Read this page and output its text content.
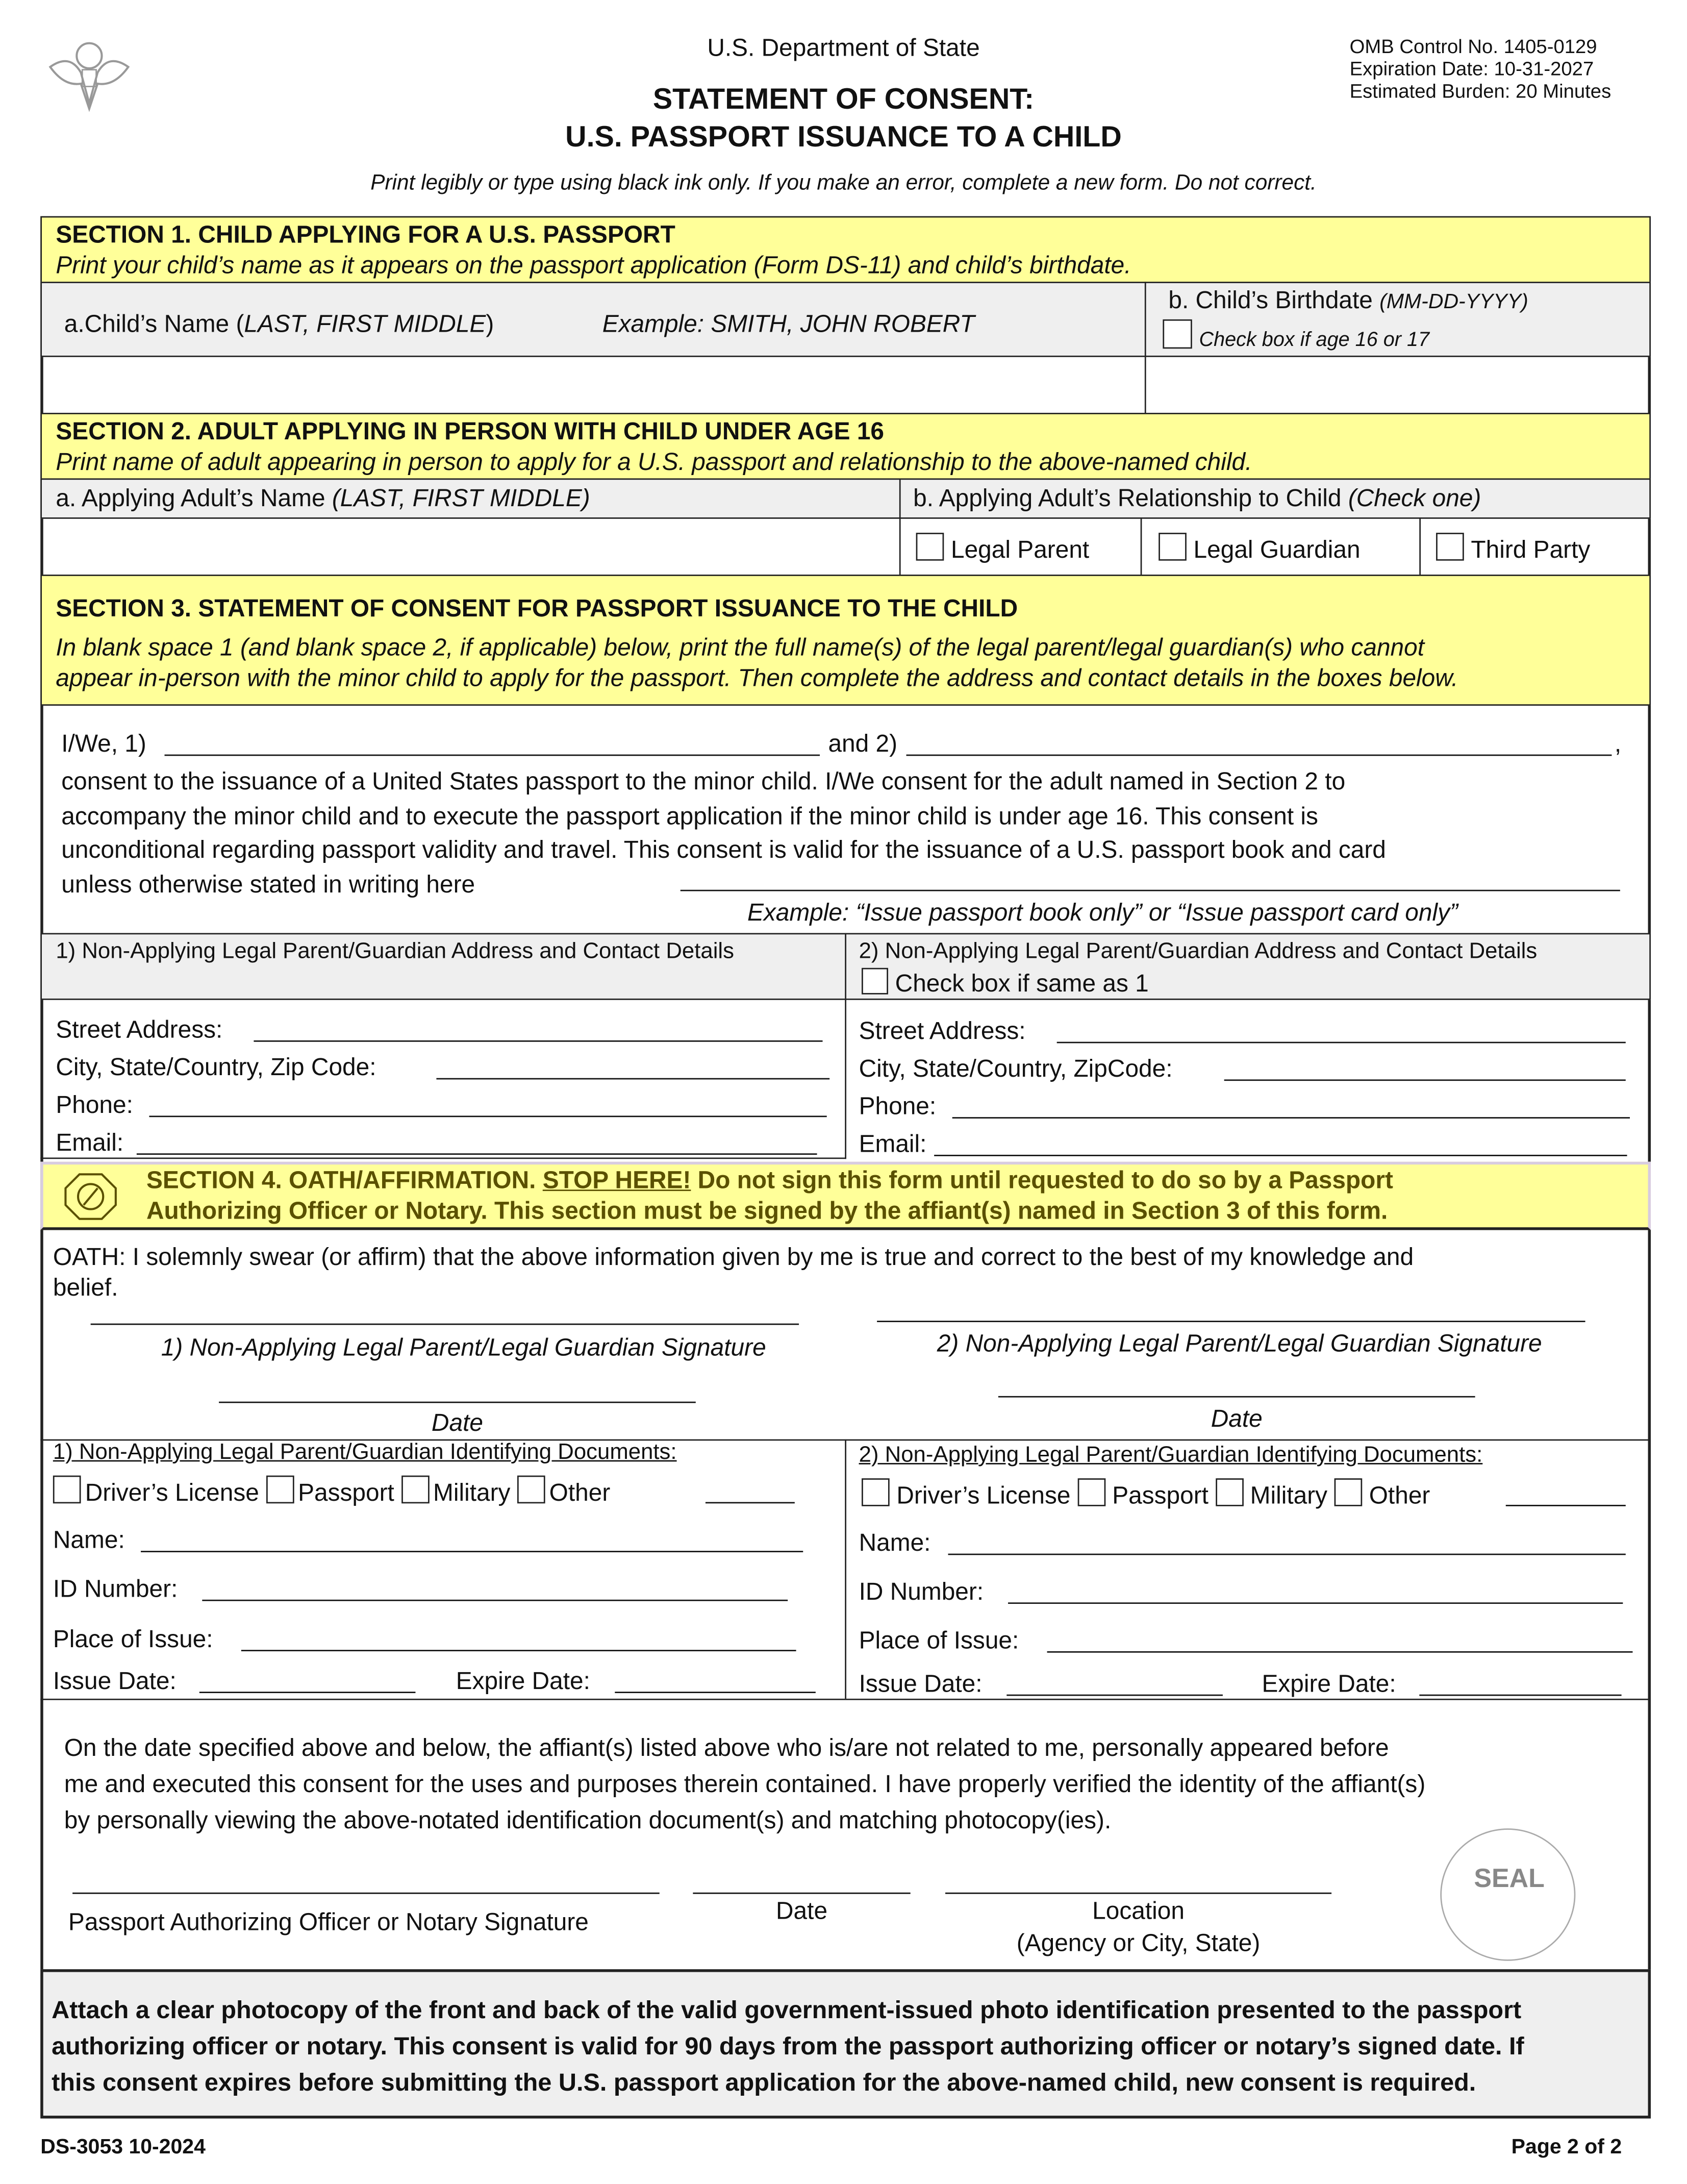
U.S. Department of State
STATEMENT OF CONSENT:
U.S. PASSPORT ISSUANCE TO A CHILD
OMB Control No. 1405-0129
Expiration Date: 10-31-2027
Estimated Burden: 20 Minutes
Print legibly or type using black ink only. If you make an error, complete a new form. Do not correct.
SECTION 1. CHILD APPLYING FOR A U.S. PASSPORT
Print your child’s name as it appears on the passport application (Form DS-11) and child’s birthdate.
a.Child’s Name (LAST, FIRST MIDDLE)	Example: SMITH, JOHN ROBERT
b. Child’s Birthdate (MM-DD-YYYY)
Check box if age 16 or 17
SECTION 2. ADULT APPLYING IN PERSON WITH CHILD UNDER AGE 16
Print name of adult appearing in person to apply for a U.S. passport and relationship to the above-named child.
a. Applying Adult’s Name (LAST, FIRST MIDDLE)	b. Applying Adult’s Relationship to Child (Check one)
Legal Parent	Legal Guardian	Third Party
SECTION 3. STATEMENT OF CONSENT FOR PASSPORT ISSUANCE TO THE CHILD
In blank space 1 (and blank space 2, if applicable) below, print the full name(s) of the legal parent/legal guardian(s) who cannot
appear in-person with the minor child to apply for the passport. Then complete the address and contact details in the boxes below.
I/We, 1)	and 2)	,
consent to the issuance of a United States passport to the minor child. I/We consent for the adult named in Section 2 to
accompany the minor child and to execute the passport application if the minor child is under age 16. This consent is
unconditional regarding passport validity and travel. This consent is valid for the issuance of a U.S. passport book and card
unless otherwise stated in writing here
Example: “Issue passport book only” or “Issue passport card only”
1) Non-Applying Legal Parent/Guardian Address and Contact Details	2) Non-Applying Legal Parent/Guardian Address and Contact Details
Check box if same as 1
Street Address:
City, State/Country, Zip Code:
Phone:
Email:
Street Address:
City, State/Country, ZipCode:
Phone:
Email:
SECTION 4. OATH/AFFIRMATION. STOP HERE! Do not sign this form until requested to do so by a Passport
Authorizing Officer or Notary. This section must be signed by the affiant(s) named in Section 3 of this form.
OATH: I solemnly swear (or affirm) that the above information given by me is true and correct to the best of my knowledge and
belief.
1) Non-Applying Legal Parent/Legal Guardian Signature
Date
2) Non-Applying Legal Parent/Legal Guardian Signature
Date
1) Non-Applying Legal Parent/Guardian Identifying Documents:
Driver’s License	Passport	Military	Other
Name:
ID Number:
Place of Issue:
Issue Date:	Expire Date:
2) Non-Applying Legal Parent/Guardian Identifying Documents:
Driver’s License	Passport	Military	Other
Name:
ID Number:
Place of Issue:
Issue Date:	Expire Date:
On the date specified above and below, the affiant(s) listed above who is/are not related to me, personally appeared before
me and executed this consent for the uses and purposes therein contained. I have properly verified the identity of the affiant(s)
by personally viewing the above-notated identification document(s) and matching photocopy(ies).
Passport Authorizing Officer or Notary Signature	Date	Location
(Agency or City, State)
SEAL
Attach a clear photocopy of the front and back of the valid government-issued photo identification presented to the passport
authorizing officer or notary. This consent is valid for 90 days from the passport authorizing officer or notary’s signed date. If
this consent expires before submitting the U.S. passport application for the above-named child, new consent is required.
DS-3053 10-2024	Page 2 of 2
